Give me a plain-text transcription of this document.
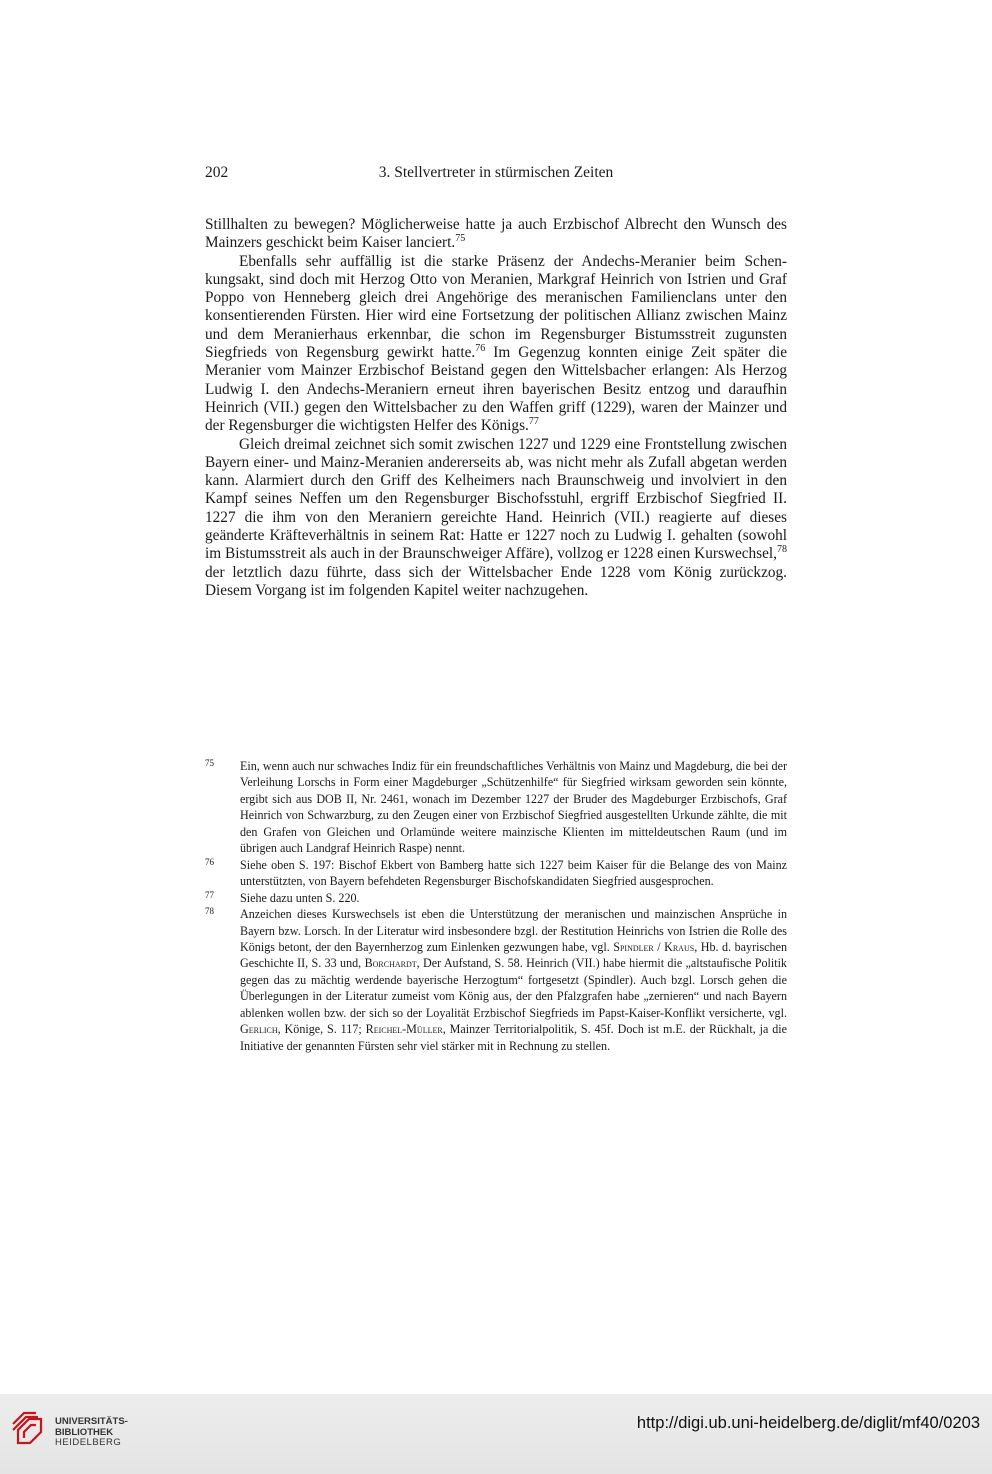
202	3. Stellvertreter in stürmischen Zeiten

Stillhalten zu bewegen? Möglicherweise hatte ja auch Erzbischof Albrecht den Wunsch des Mainzers geschickt beim Kaiser lanciert.$^{75}$

Ebenfalls sehr auffällig ist die starke Präsenz der Andechs-Meranier beim Schenkungsakt, sind doch mit Herzog Otto von Meranien, Markgraf Heinrich von Istrien und Graf Poppo von Henneberg gleich drei Angehörige des meranischen Familienclans unter den konsentierenden Fürsten. Hier wird eine Fortsetzung der politischen Allianz zwischen Mainz und dem Meranierhaus erkennbar, die schon im Regensburger Bistumsstreit zugunsten Siegfrieds von Regensburg gewirkt hatte.$^{76}$ Im Gegenzug konnten einige Zeit später die Meranier vom Mainzer Erzbischof Beistand gegen den Wittelsbacher erlangen: Als Herzog Ludwig I. den Andechs-Meraniern erneut ihren bayerischen Besitz entzog und daraufhin Heinrich (VII.) gegen den Wittelsbacher zu den Waffen griff (1229), waren der Mainzer und der Regensburger die wichtigsten Helfer des Königs.$^{77}$

Gleich dreimal zeichnet sich somit zwischen 1227 und 1229 eine Frontstellung zwischen Bayern einer- und Mainz-Meranien andererseits ab, was nicht mehr als Zufall abgetan werden kann. Alarmiert durch den Griff des Kelheimers nach Braunschweig und involviert in den Kampf seines Neffen um den Regensburger Bischofsstuhl, ergriff Erzbischof Siegfried II. 1227 die ihm von den Meraniern gereichte Hand. Heinrich (VII.) reagierte auf dieses geänderte Kräfteverhältnis in seinem Rat: Hatte er 1227 noch zu Ludwig I. gehalten (sowohl im Bistumsstreit als auch in der Braunschweiger Affäre), vollzog er 1228 einen Kurswechsel,$^{78}$ der letztlich dazu führte, dass sich der Wittelsbacher Ende 1228 vom König zurückzog. Diesem Vorgang ist im folgenden Kapitel weiter nachzugehen.

75 Ein, wenn auch nur schwaches Indiz für ein freundschaftliches Verhältnis von Mainz und Magdeburg, die bei der Verleihung Lorschs in Form einer Magdeburger „Schützenhilfe“ für Siegfried wirksam geworden sein könnte, ergibt sich aus DOB II, Nr. 2461, wonach im Dezember 1227 der Bruder des Magdeburger Erzbischofs, Graf Heinrich von Schwarzburg, zu den Zeugen einer von Erzbischof Siegfried ausgestellten Urkunde zählte, die mit den Grafen von Gleichen und Orlamünde weitere mainzische Klienten im mitteldeutschen Raum (und im übrigen auch Landgraf Heinrich Raspe) nennt.

76 Siehe oben S. 197: Bischof Ekbert von Bamberg hatte sich 1227 beim Kaiser für die Belange des von Mainz unterstützten, von Bayern befehdeten Regensburger Bischofskandidaten Siegfried ausgesprochen.

77 Siehe dazu unten S. 220.

78 Anzeichen dieses Kurswechsels ist eben die Unterstützung der meranischen und mainzischen Ansprüche in Bayern bzw. Lorsch. In der Literatur wird insbesondere bzgl. der Restitution Heinrichs von Istrien die Rolle des Königs betont, der den Bayernherzog zum Einlenken gezwungen habe, vgl. Spindler / Kraus, Hb. d. bayrischen Geschichte II, S. 33 und, Borchardt, Der Aufstand, S. 58. Heinrich (VII.) habe hiermit die „altstaufische Politik gegen das zu mächtig werdende bayerische Herzogtum“ fortgesetzt (Spindler). Auch bzgl. Lorsch gehen die Überlegungen in der Literatur zumeist vom König aus, der den Pfalzgrafen habe „zernieren“ und nach Bayern ablenken wollen bzw. der sich so der Loyalität Erzbischof Siegfrieds im Papst-Kaiser-Konflikt versicherte, vgl. Gerlich, Könige, S. 117; Reichel-Müller, Mainzer Territorialpolitik, S. 45f. Doch ist m.E. der Rückhalt, ja die Initiative der genannten Fürsten sehr viel stärker mit in Rechnung zu stellen.

UNIVERSITÄTS-
BIBLIOTHEK
HEIDELBERG
http://digi.ub.uni-heidelberg.de/diglit/mf40/0203
